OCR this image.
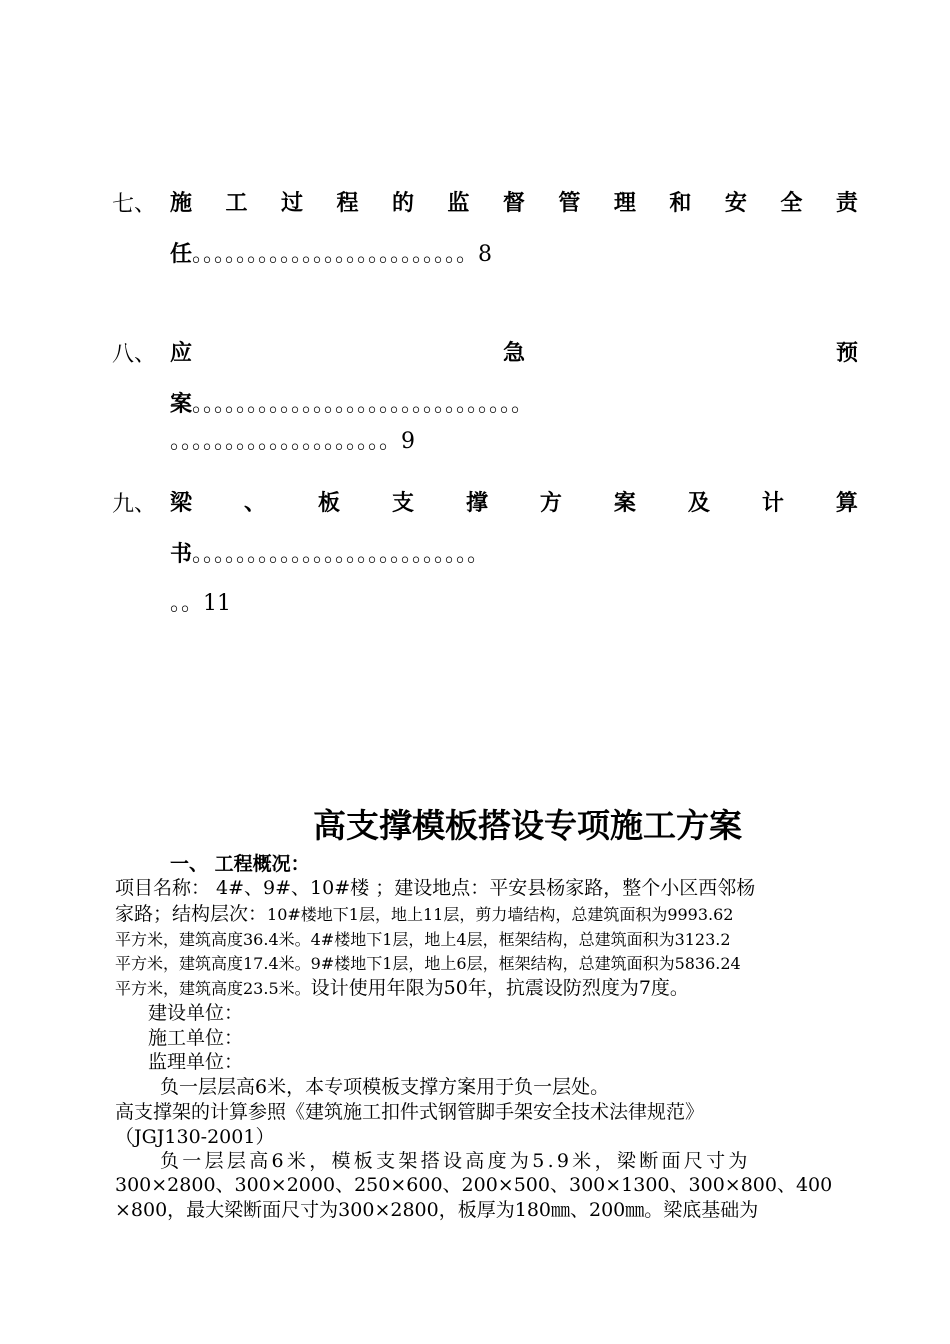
七、 施 工 过 程 的 监 督 管 理 和 安 全 责
任。。。。。。。。。。。。。。。。。。。。。。。。。8
八、 应	急	预
案。。。。。。。。。。。。。。。。。。。。。。。。。。。。。。
。。。。。。。。。。。。。。。。。。。。9
九、 梁 、 板 支 撑 方 案 及 计 算
书。。。。。。。。。。。。。。。。。。。。。。。。。。
。。11
高支撑模板搭设专项施工方案
一、 工程概况：
项目名称： 4#、9#、10#楼 ；建设地点：平安县杨家路，整个小区西邻杨
家路；结构层次：10#楼地下1层，地上11层，剪力墙结构，总建筑面积为9993.62
平方米，建筑高度36.4米。4#楼地下1层，地上4层，框架结构，总建筑面积为3123.2
平方米，建筑高度17.4米。9#楼地下1层，地上6层，框架结构，总建筑面积为5836.24
平方米，建筑高度23.5米。设计使用年限为50年，抗震设防烈度为7度。
建设单位：
施工单位：
监理单位：
负一层层高6米，本专项模板支撑方案用于负一层处。
高支撑架的计算参照《建筑施工扣件式钢管脚手架安全技术法律规范》
（JGJ130-2001）
负一层层高6米，模板支架搭设高度为5.9米，梁断面尺寸为
300×2800、300×2000、250×600、200×500、300×1300、300×800、400
×800，最大梁断面尺寸为300×2800，板厚为180㎜、200㎜。梁底基础为
